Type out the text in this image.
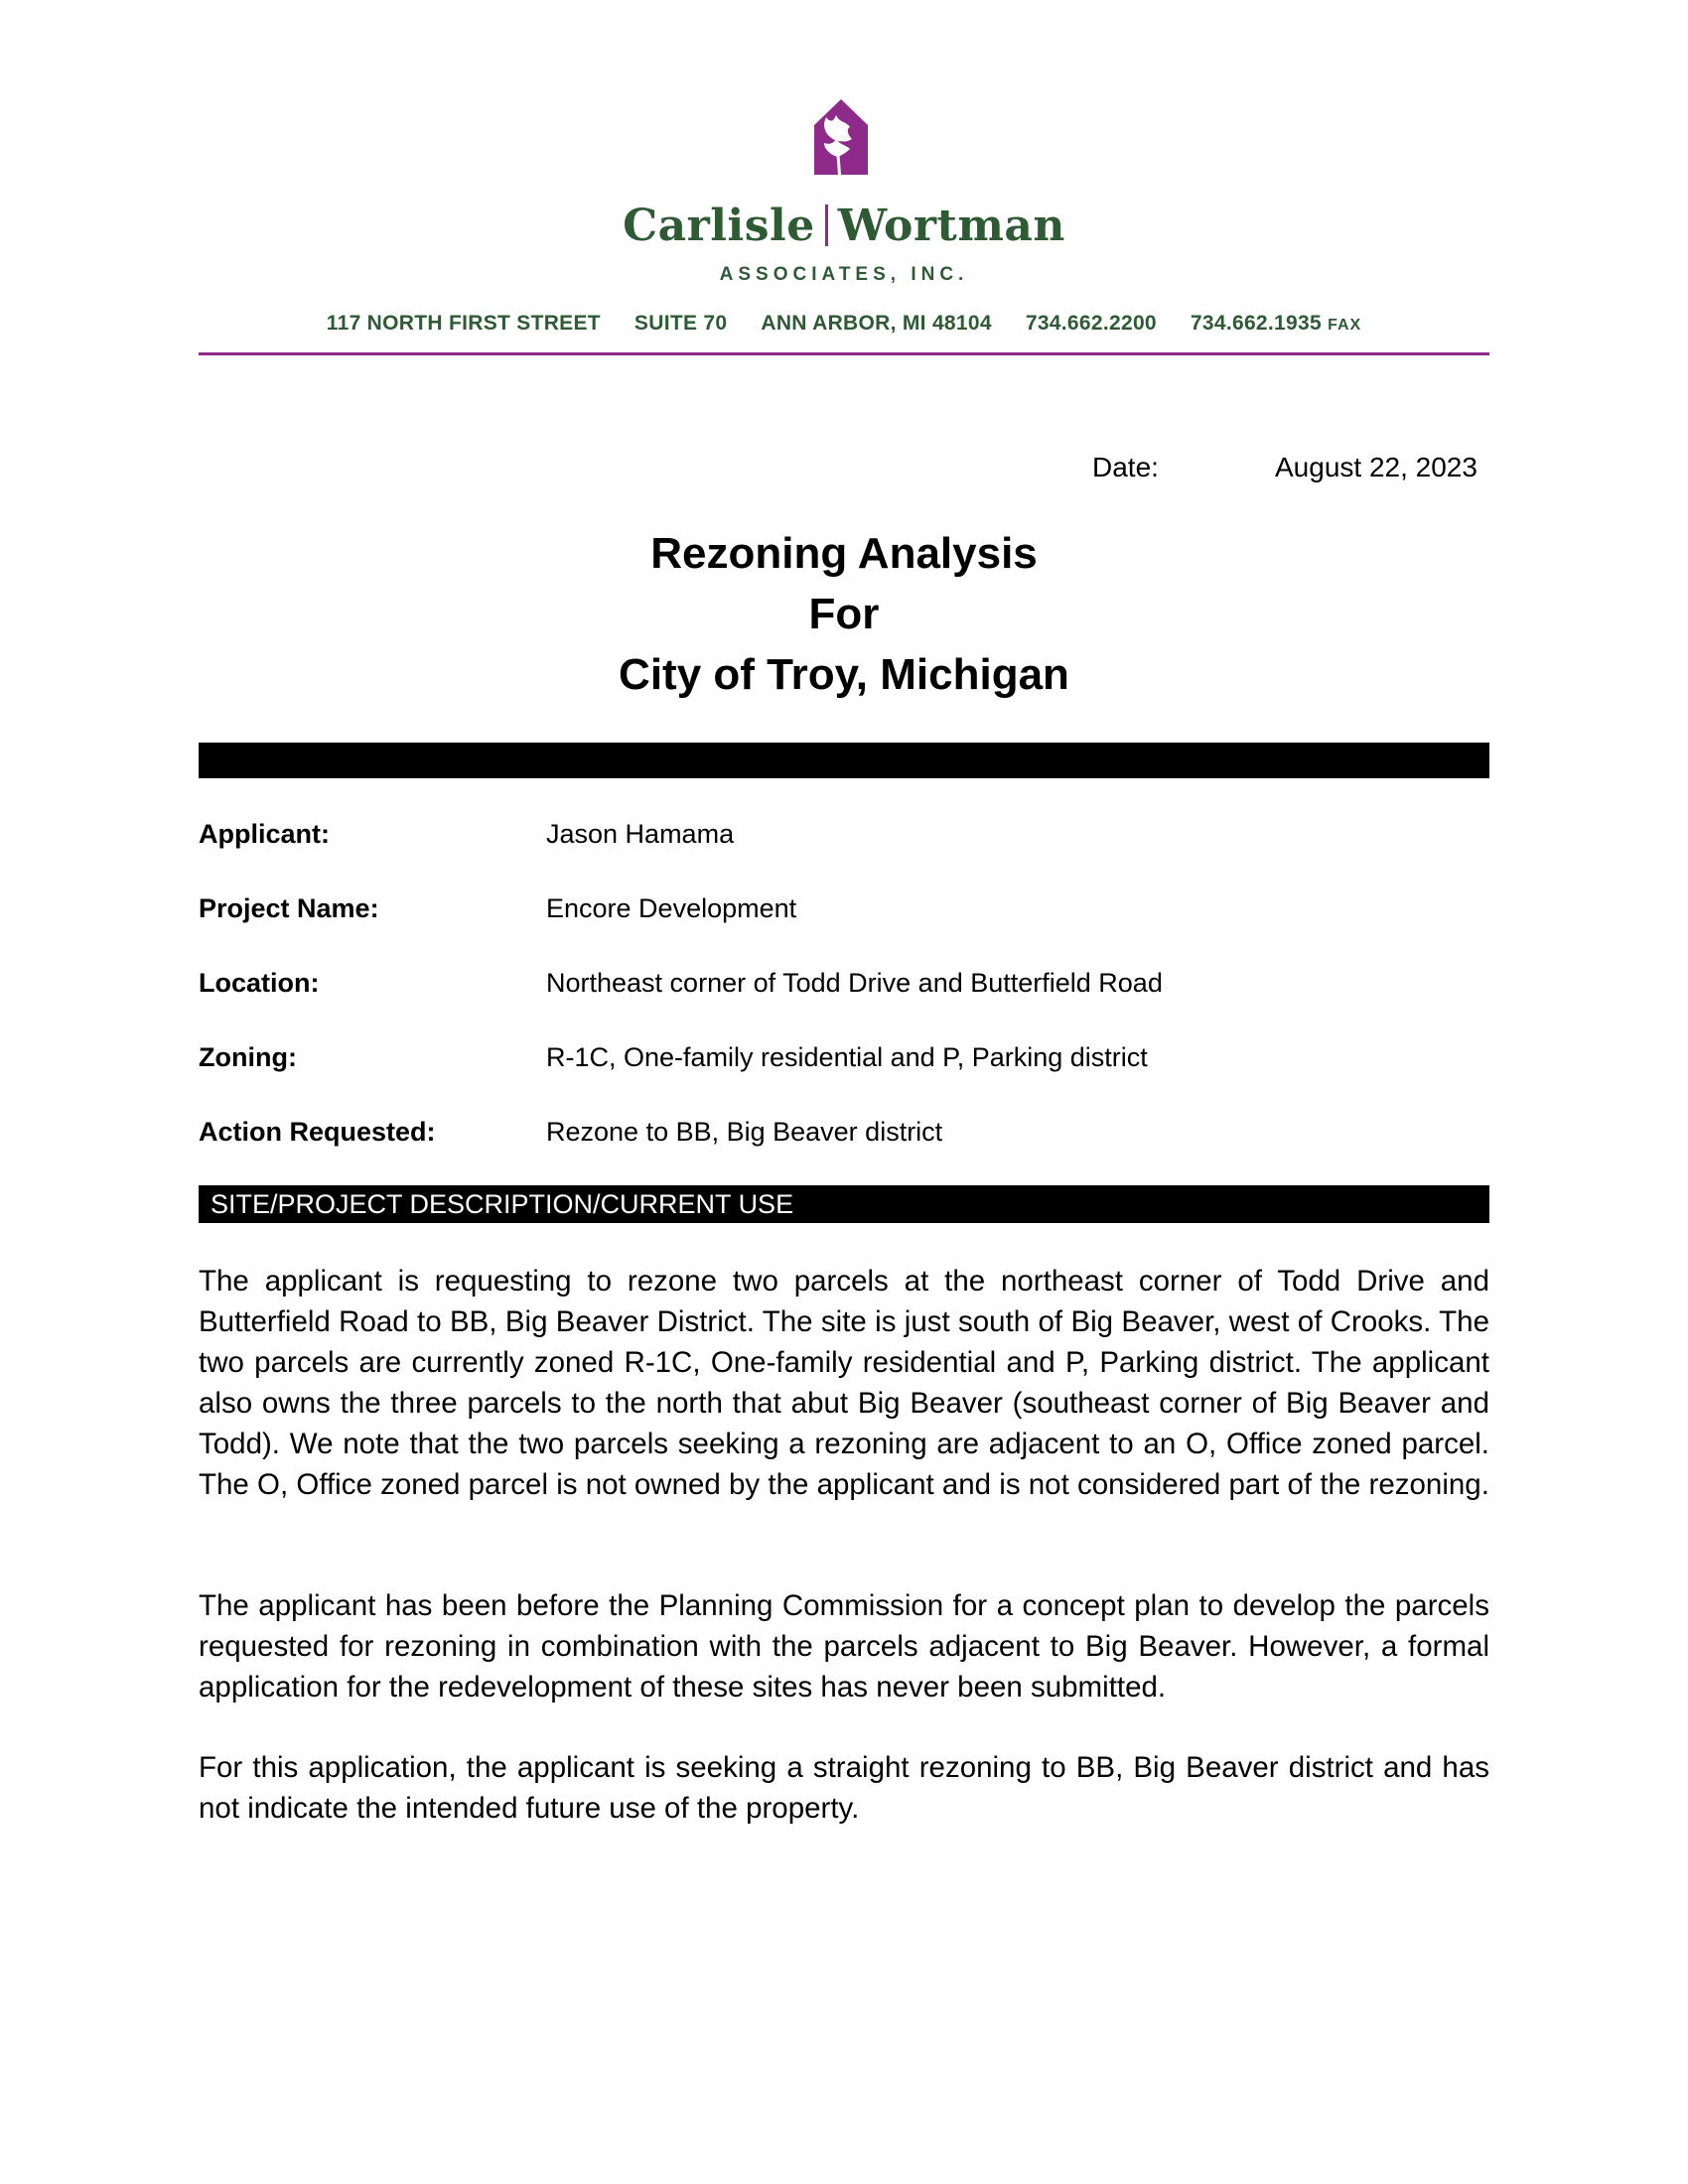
Carlisle Wortman
ASSOCIATES, INC.
117 NORTH FIRST STREET SUITE 70 ANN ARBOR, MI 48104 734.662.2200 734.662.1935 FAX
Date:	August 22, 2023
Rezoning Analysis
For
City of Troy, Michigan
Applicant:	Jason Hamama
Project Name:	Encore Development
Location:	Northeast corner of Todd Drive and Butterfield Road
Zoning:	R-1C, One-family residential and P, Parking district
Action Requested:	Rezone to BB, Big Beaver district
SITE/PROJECT DESCRIPTION/CURRENT USE
The applicant is requesting to rezone two parcels at the northeast corner of Todd Drive and Butterfield Road to BB, Big Beaver District. The site is just south of Big Beaver, west of Crooks. The two parcels are currently zoned R-1C, One-family residential and P, Parking district. The applicant also owns the three parcels to the north that abut Big Beaver (southeast corner of Big Beaver and Todd). We note that the two parcels seeking a rezoning are adjacent to an O, Office zoned parcel. The O, Office zoned parcel is not owned by the applicant and is not considered part of the rezoning.
The applicant has been before the Planning Commission for a concept plan to develop the parcels requested for rezoning in combination with the parcels adjacent to Big Beaver. However, a formal application for the redevelopment of these sites has never been submitted.
For this application, the applicant is seeking a straight rezoning to BB, Big Beaver district and has not indicate the intended future use of the property.
